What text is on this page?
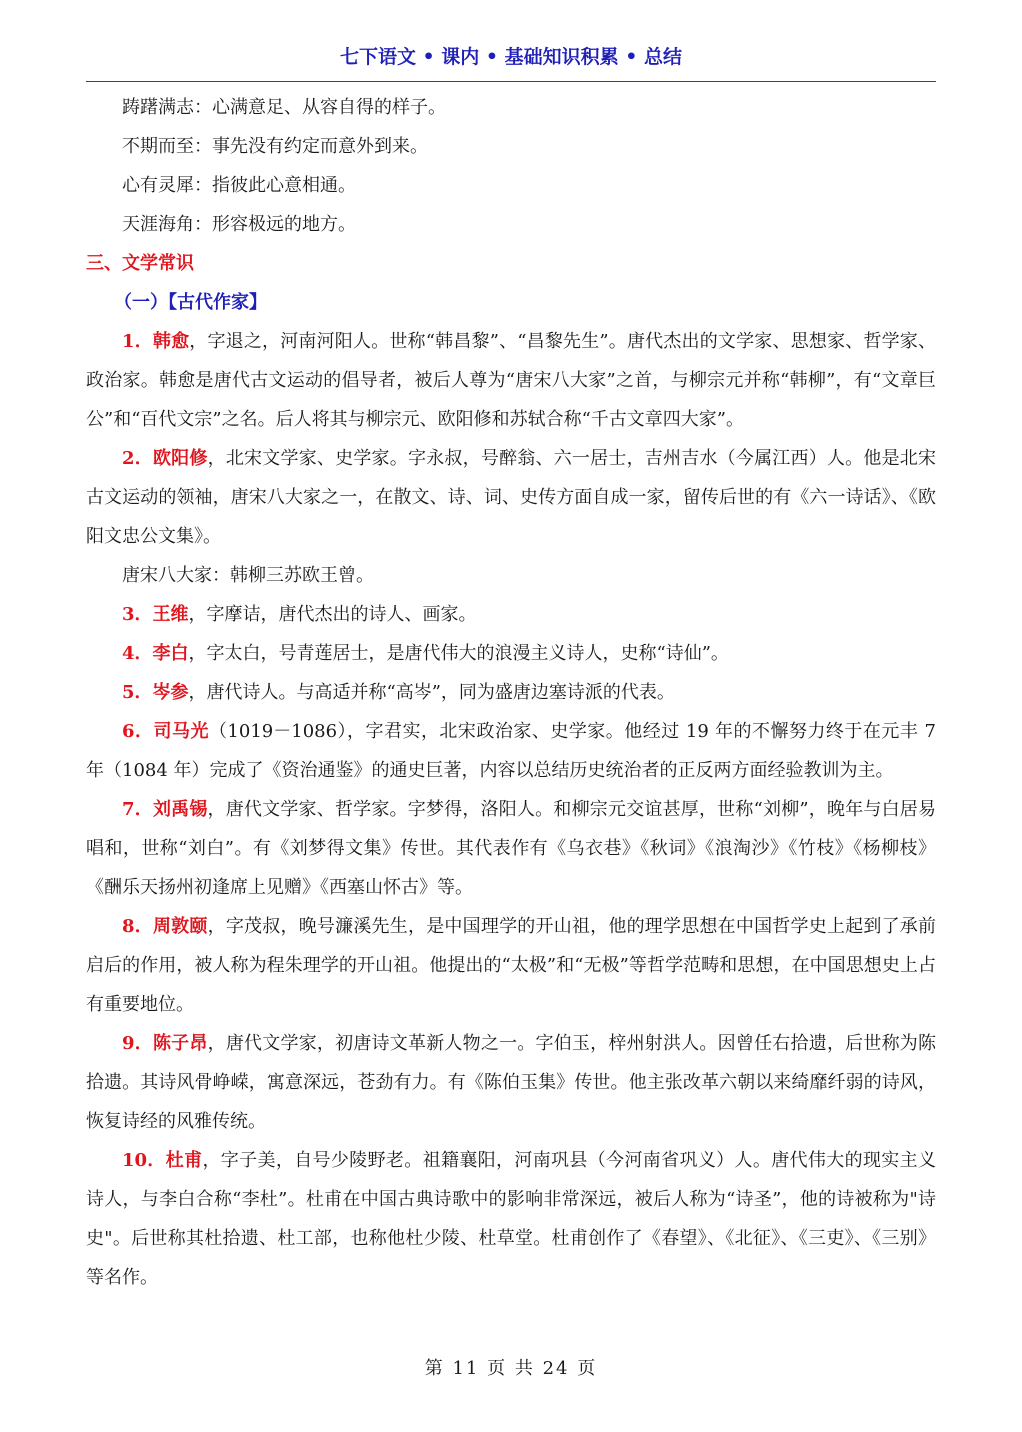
七下语文 • 课内 • 基础知识积累 • 总结

踌躇满志：心满意足、从容自得的样子。

不期而至：事先没有约定而意外到来。

心有灵犀：指彼此心意相通。

天涯海角：形容极远的地方。

三、文学常识
（一）【古代作家】

1．韩愈，字退之，河南河阳人。世称“韩昌黎”、“昌黎先生”。唐代杰出的文学家、思想家、哲学家、政治家。韩愈是唐代古文运动的倡导者，被后人尊为“唐宋八大家”之首，与柳宗元并称“韩柳”，有“文章巨公”和“百代文宗”之名。后人将其与柳宗元、欧阳修和苏轼合称“千古文章四大家”。

2．欧阳修，北宋文学家、史学家。字永叔，号醉翁、六一居士，吉州吉水（今属江西）人。他是北宋古文运动的领袖，唐宋八大家之一，在散文、诗、词、史传方面自成一家，留传后世的有《六一诗话》、《欧阳文忠公文集》。

唐宋八大家：韩柳三苏欧王曾。

3．王维，字摩诘，唐代杰出的诗人、画家。

4．李白，字太白，号青莲居士，是唐代伟大的浪漫主义诗人，史称“诗仙”。

5．岑参，唐代诗人。与高适并称“高岑”，同为盛唐边塞诗派的代表。

6．司马光（1019－1086），字君实，北宋政治家、史学家。他经过 19 年的不懈努力终于在元丰 7 年（1084 年）完成了《资治通鉴》的通史巨著，内容以总结历史统治者的正反两方面经验教训为主。

7．刘禹锡，唐代文学家、哲学家。字梦得，洛阳人。和柳宗元交谊甚厚，世称“刘柳”，晚年与白居易唱和，世称“刘白”。有《刘梦得文集》传世。其代表作有《乌衣巷》《秋词》《浪淘沙》《竹枝》《杨柳枝》《酬乐天扬州初逢席上见赠》《西塞山怀古》等。

8．周敦颐，字茂叔，晚号濂溪先生，是中国理学的开山祖，他的理学思想在中国哲学史上起到了承前启后的作用，被人称为程朱理学的开山祖。他提出的“太极”和“无极”等哲学范畴和思想，在中国思想史上占有重要地位。

9．陈子昂，唐代文学家，初唐诗文革新人物之一。字伯玉，梓州射洪人。因曾任右拾遗，后世称为陈拾遗。其诗风骨峥嵘，寓意深远，苍劲有力。有《陈伯玉集》传世。他主张改革六朝以来绮靡纤弱的诗风，恢复诗经的风雅传统。

10．杜甫，字子美，自号少陵野老。祖籍襄阳，河南巩县（今河南省巩义）人。唐代伟大的现实主义诗人，与李白合称“李杜”。杜甫在中国古典诗歌中的影响非常深远，被后人称为“诗圣”，他的诗被称为"诗史"。后世称其杜拾遗、杜工部，也称他杜少陵、杜草堂。杜甫创作了《春望》、《北征》、《三吏》、《三别》等名作。

第 11 页 共 24 页
